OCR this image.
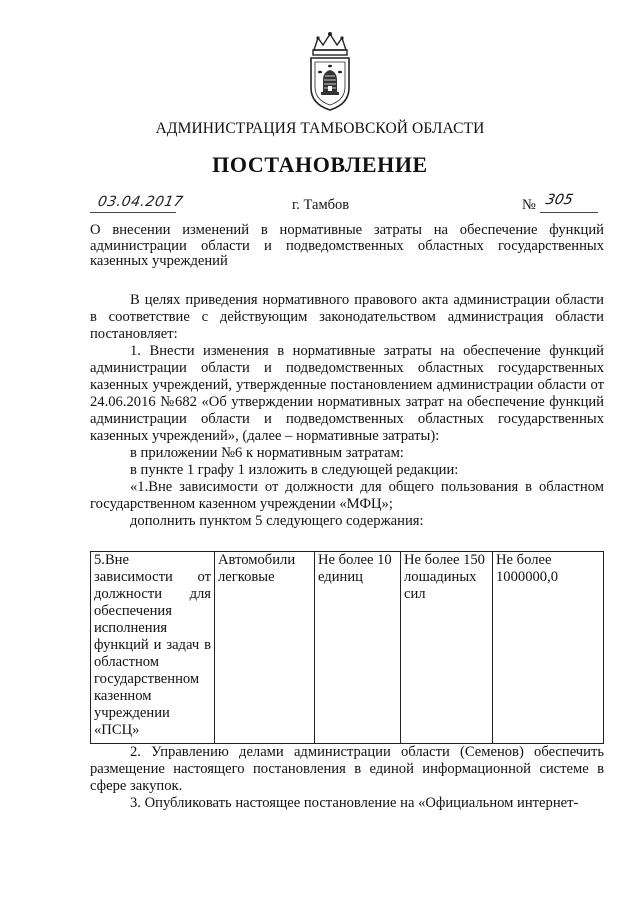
АДМИНИСТРАЦИЯ ТАМБОВСКОЙ ОБЛАСТИ
ПОСТАНОВЛЕНИЕ
03.04.2017	г. Тамбов	№ 305
О внесении изменений в нормативные затраты на обеспечение функций администрации области и подведомственных областных государственных казенных учреждений

В целях приведения нормативного правового акта администрации области в соответствие с действующим законодательством администрация области постановляет:

1. Внести изменения в нормативные затраты на обеспечение функций администрации области и подведомственных областных государственных казенных учреждений, утвержденные постановлением администрации области от 24.06.2016 №682 «Об утверждении нормативных затрат на обеспечение функций администрации области и подведомственных областных государственных казенных учреждений», (далее – нормативные затраты):

в приложении №6 к нормативным затратам:

в пункте 1 графу 1 изложить в следующей редакции:

«1.Вне зависимости от должности для общего пользования в областном государственном казенном учреждении «МФЦ»;

дополнить пунктом 5 следующего содержания:

5.Вне зависимости от должности для обеспечения исполнения функций и задач в областном государственном казенном учреждении «ПСЦ»
Автомобили легковые
Не более 10 единиц
Не более 150 лошадиных сил
Не более 1000000,0

2. Управлению делами администрации области (Семенов) обеспечить размещение настоящего постановления в единой информационной системе в сфере закупок.

3. Опубликовать настоящее постановление на «Официальном интернет-
